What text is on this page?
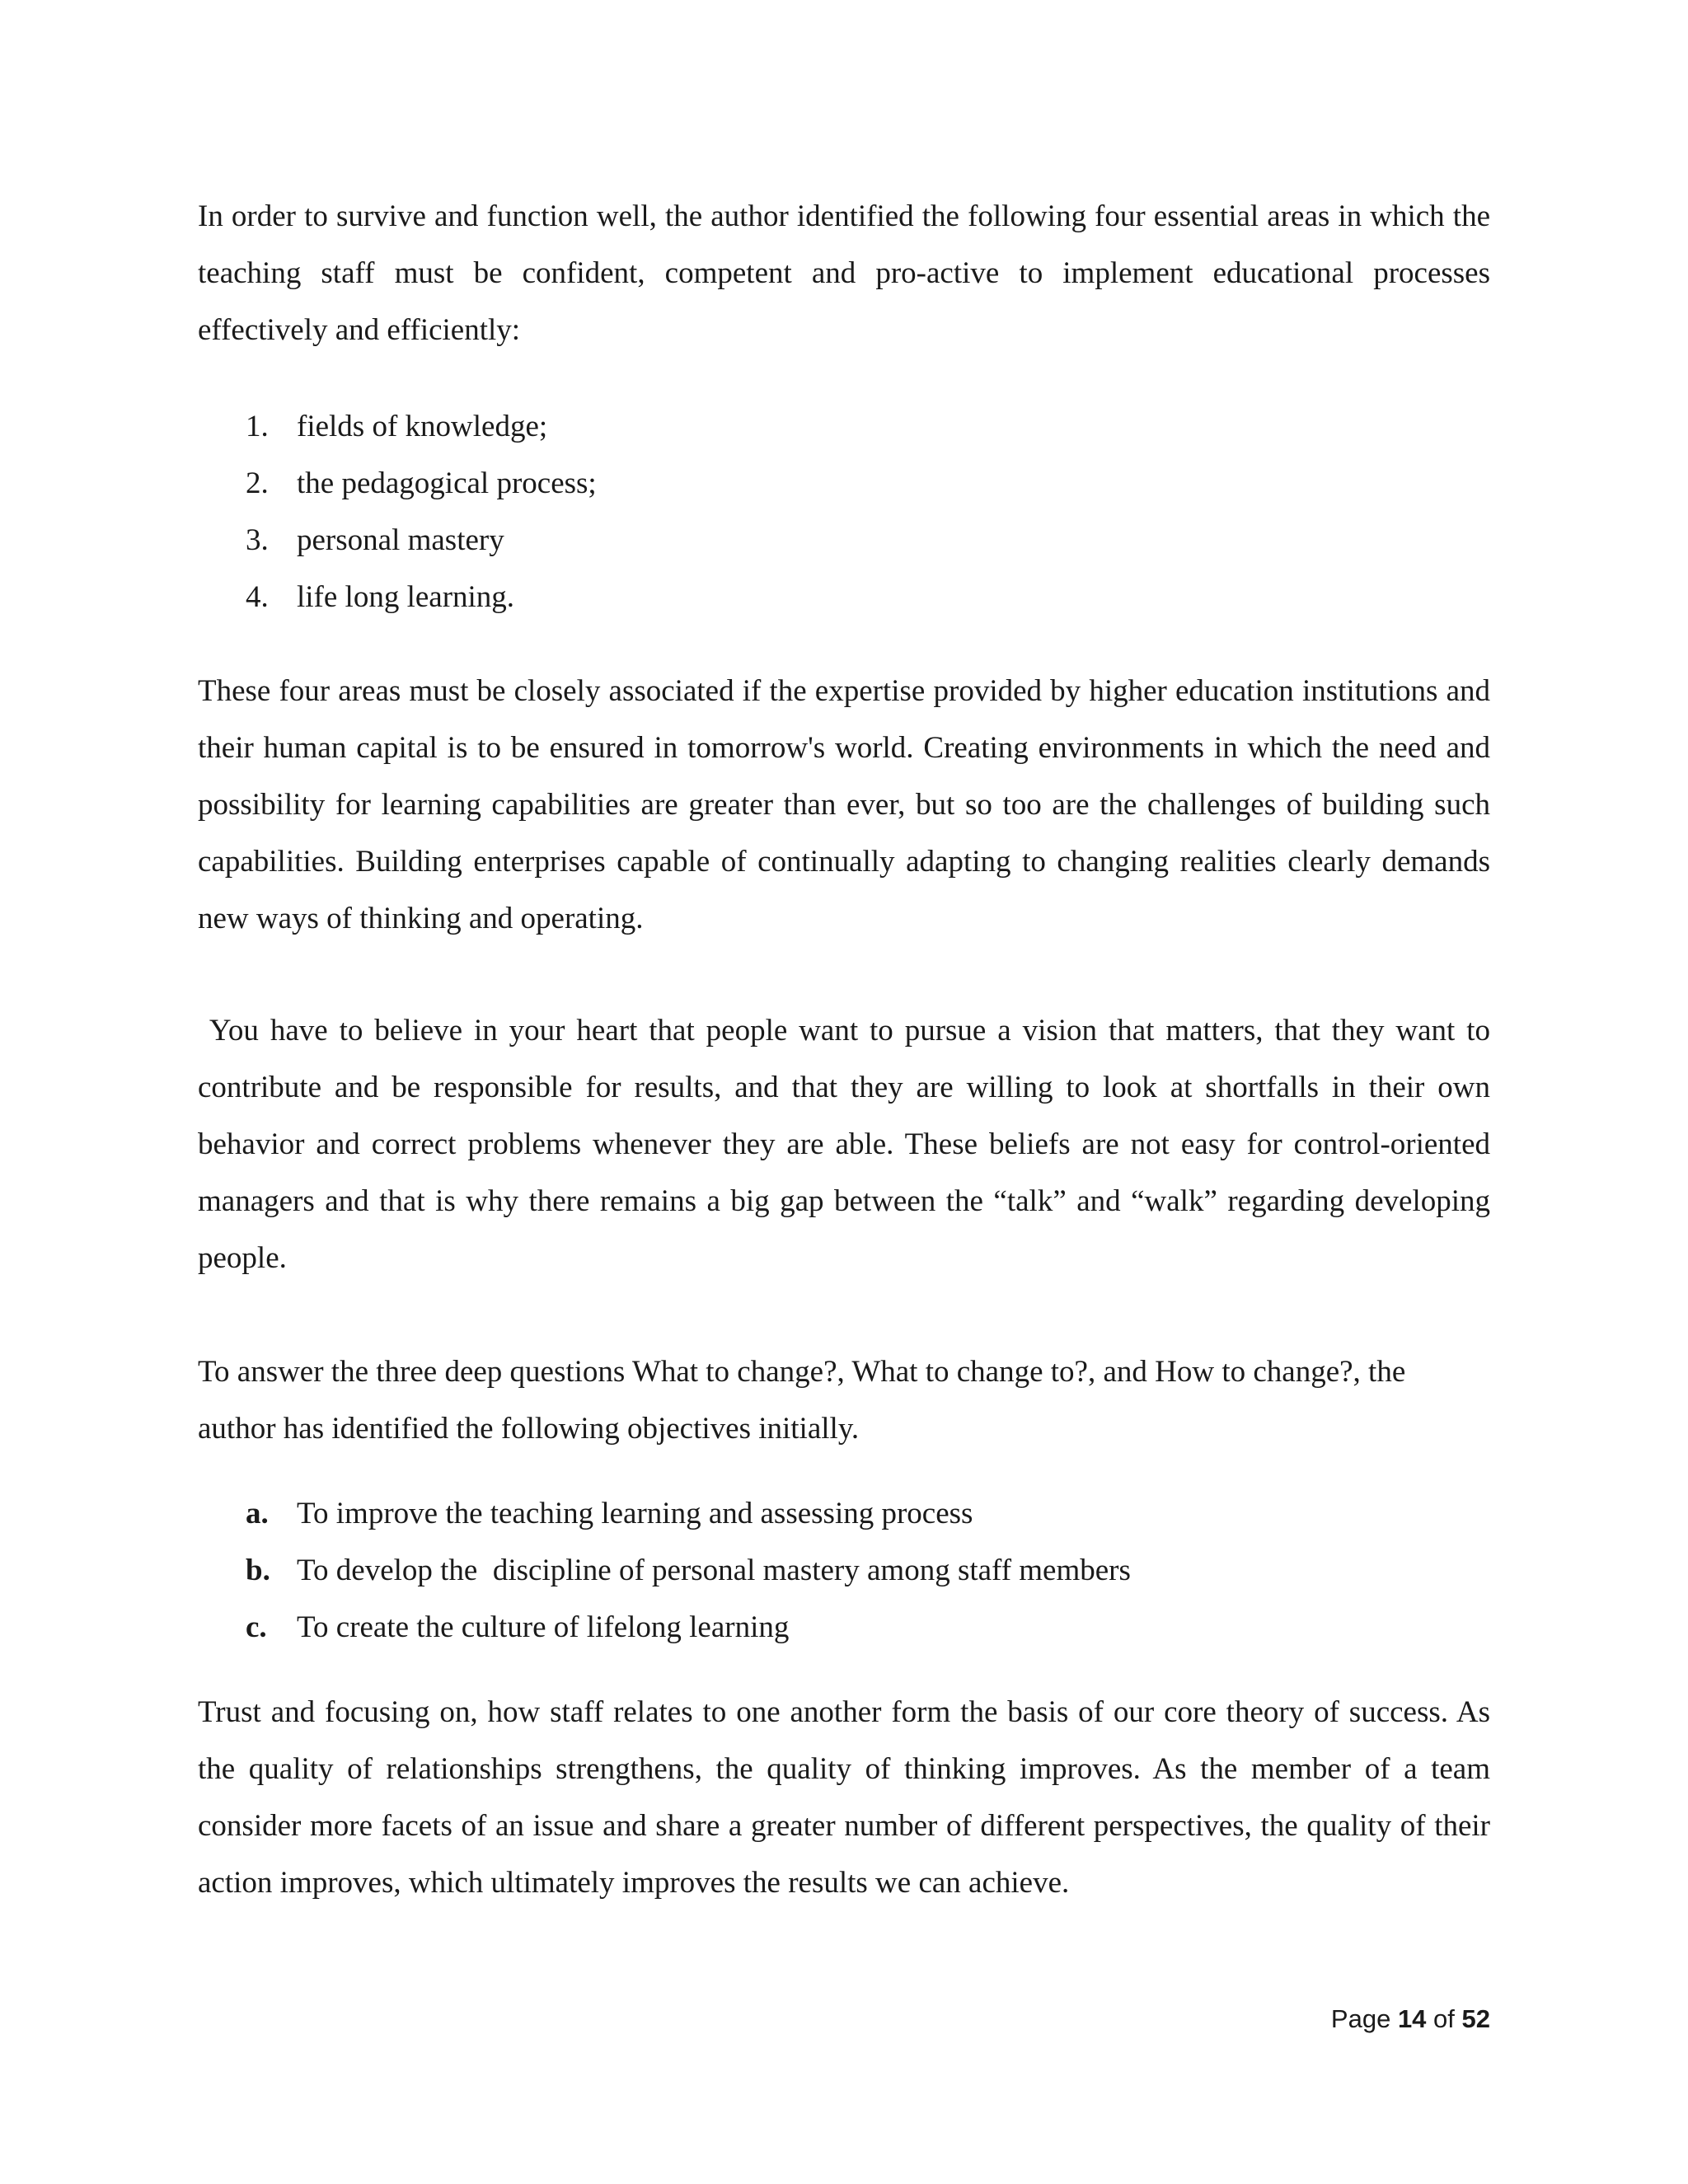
In order to survive and function well, the author identified the following four essential areas in which the teaching staff must be confident, competent and pro-active to implement educational processes effectively and efficiently:

1. fields of knowledge;
2. the pedagogical process;
3. personal mastery
4. life long learning.

These four areas must be closely associated if the expertise provided by higher education institutions and their human capital is to be ensured in tomorrow's world. Creating environments in which the need and possibility for learning capabilities are greater than ever, but so too are the challenges of building such capabilities. Building enterprises capable of continually adapting to changing realities clearly demands new ways of thinking and operating.

You have to believe in your heart that people want to pursue a vision that matters, that they want to contribute and be responsible for results, and that they are willing to look at shortfalls in their own behavior and correct problems whenever they are able. These beliefs are not easy for control-oriented managers and that is why there remains a big gap between the “talk” and “walk” regarding developing people.

To answer the three deep questions What to change?, What to change to?, and How to change?, the author has identified the following objectives initially.

a. To improve the teaching learning and assessing process
b. To develop the  discipline of personal mastery among staff members
c. To create the culture of lifelong learning

Trust and focusing on, how staff relates to one another form the basis of our core theory of success. As the quality of relationships strengthens, the quality of thinking improves. As the member of a team consider more facets of an issue and share a greater number of different perspectives, the quality of their action improves, which ultimately improves the results we can achieve.

Page 14 of 52
